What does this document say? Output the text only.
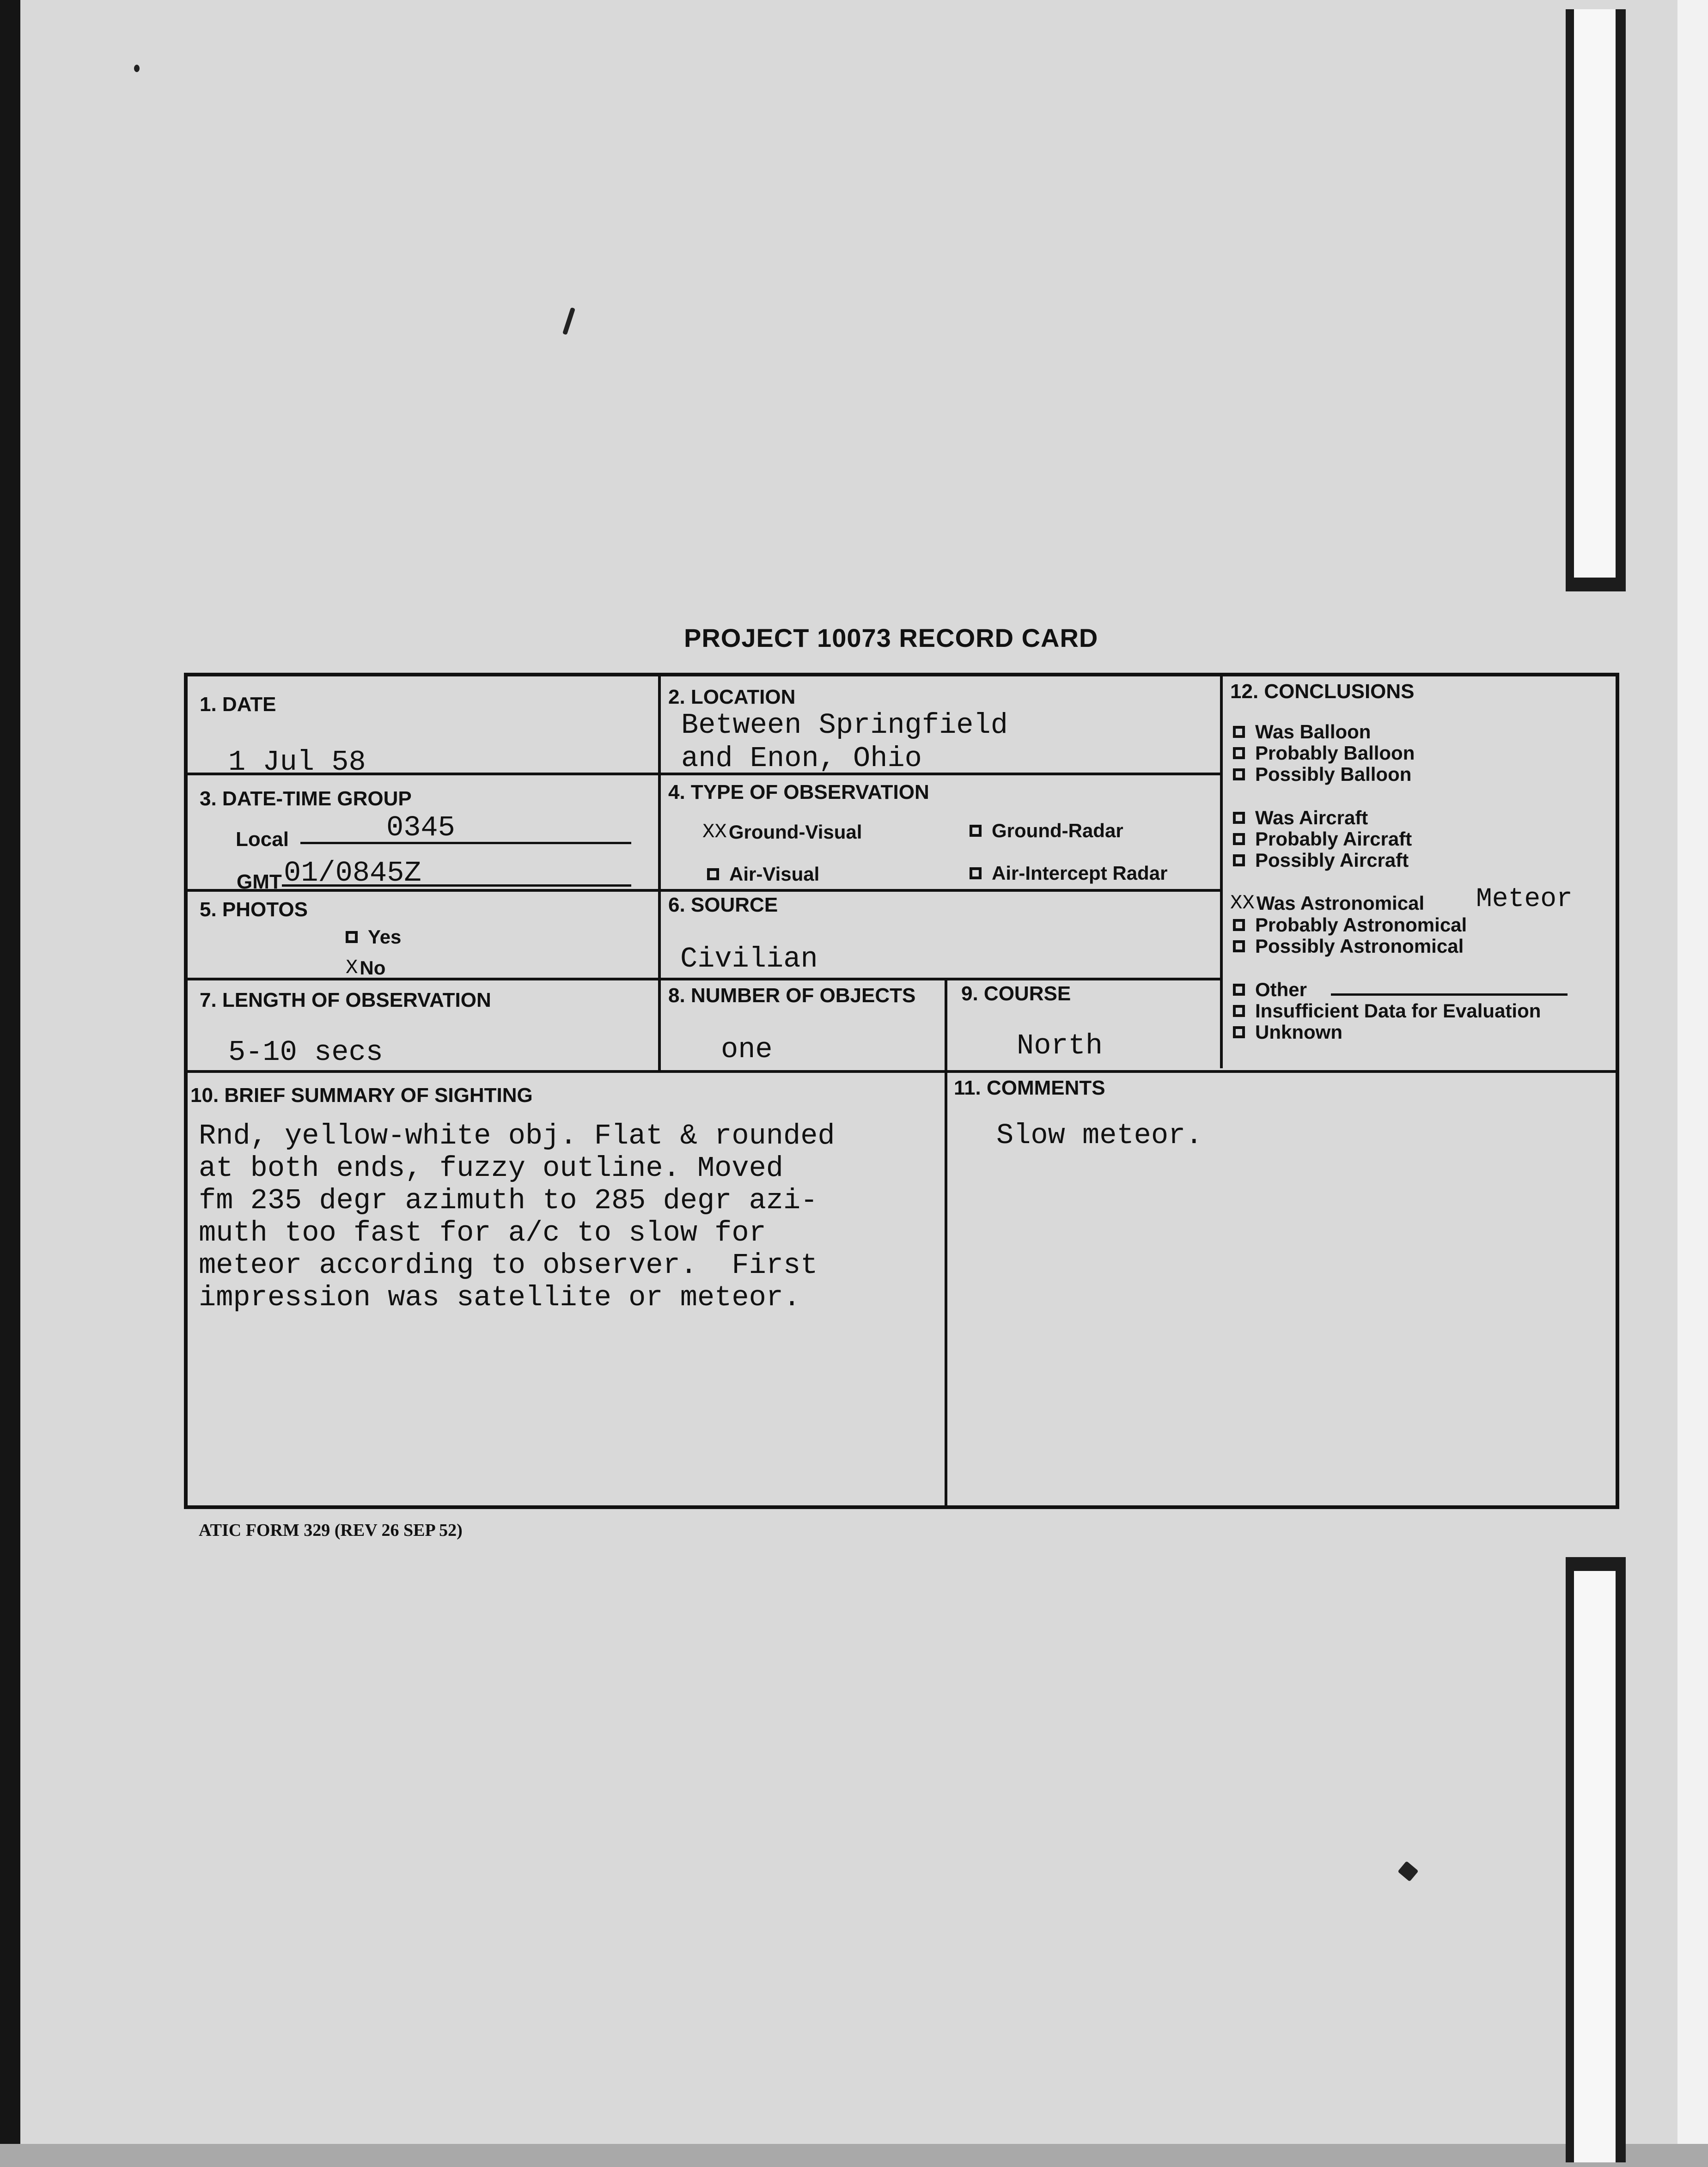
PROJECT 10073 RECORD CARD
1. DATE
1 Jul 58
2. LOCATION
Between Springfield
and Enon, Ohio
3. DATE-TIME GROUP
Local	0345
GMT 01/0845Z
4. TYPE OF OBSERVATION
XX Ground-Visual	Ground-Radar
Air-Visual	Air-Intercept Radar
5. PHOTOS
Yes
X No
6. SOURCE
Civilian
7. LENGTH OF OBSERVATION
5-10 secs
8. NUMBER OF OBJECTS
one
9. COURSE
North
10. BRIEF SUMMARY OF SIGHTING
Rnd, yellow-white obj. Flat & rounded
at both ends, fuzzy outline. Moved
fm 235 degr azimuth to 285 degr azi-
muth too fast for a/c to slow for
meteor according to observer.  First
impression was satellite or meteor.
11. COMMENTS
Slow meteor.
12. CONCLUSIONS
Was Balloon
Probably Balloon
Possibly Balloon
Was Aircraft
Probably Aircraft
Possibly Aircraft
XX Was Astronomical Meteor
Probably Astronomical
Possibly Astronomical
Other
Insufficient Data for Evaluation
Unknown
ATIC FORM 329 (REV 26 SEP 52)
